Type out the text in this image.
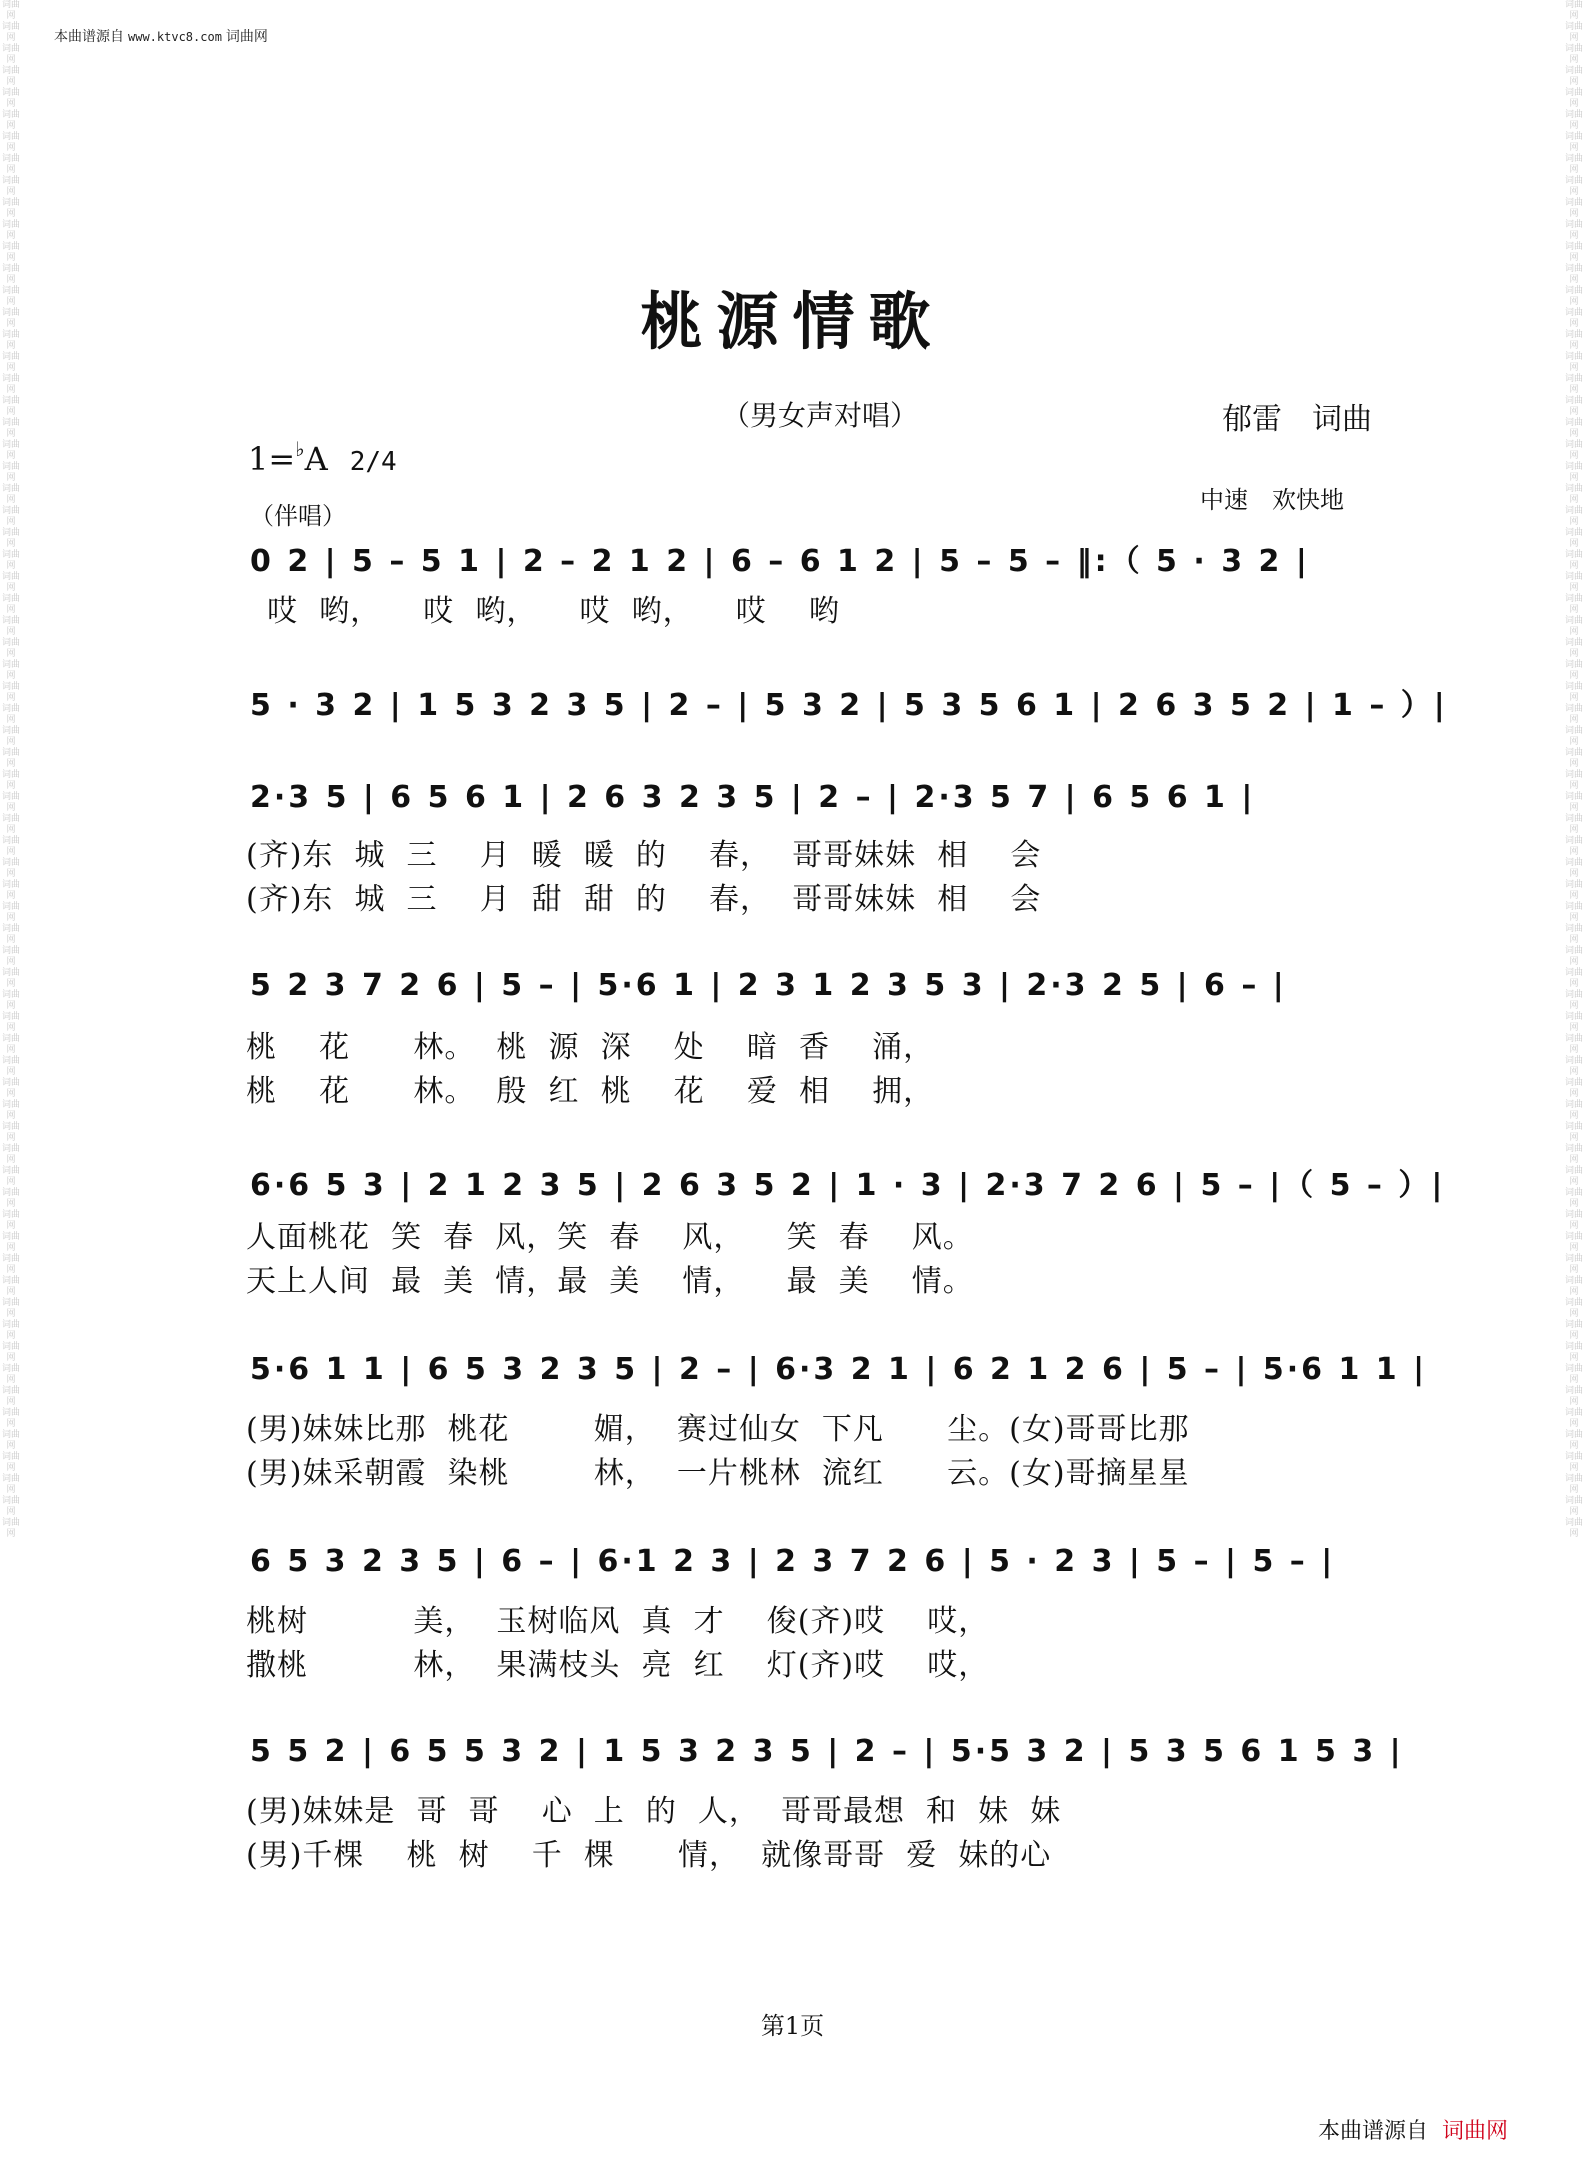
词曲网 词曲网 词曲网 词曲网 词曲网 词曲网 词曲网 词曲网 词曲网 词曲网 词曲网 词曲网 词曲网 词曲网 词曲网 词曲网 词曲网 词曲网 词曲网 词曲网 词曲网 词曲网 词曲网 词曲网 词曲网 词曲网 词曲网 词曲网 词曲网 词曲网 词曲网 词曲网 词曲网 词曲网 词曲网 词曲网 词曲网 词曲网 词曲网 词曲网 词曲网 词曲网 词曲网 词曲网 词曲网 词曲网 词曲网 词曲网 词曲网 词曲网 词曲网 词曲网 词曲网 词曲网 词曲网 词曲网 词曲网 词曲网 词曲网 词曲网 词曲网 词曲网 词曲网 词曲网 词曲网 词曲网 词曲网 词曲网 词曲网 词曲网
词曲网 词曲网 词曲网 词曲网 词曲网 词曲网 词曲网 词曲网 词曲网 词曲网 词曲网 词曲网 词曲网 词曲网 词曲网 词曲网 词曲网 词曲网 词曲网 词曲网 词曲网 词曲网 词曲网 词曲网 词曲网 词曲网 词曲网 词曲网 词曲网 词曲网 词曲网 词曲网 词曲网 词曲网 词曲网 词曲网 词曲网 词曲网 词曲网 词曲网 词曲网 词曲网 词曲网 词曲网 词曲网 词曲网 词曲网 词曲网 词曲网 词曲网 词曲网 词曲网 词曲网 词曲网 词曲网 词曲网 词曲网 词曲网 词曲网 词曲网 词曲网 词曲网 词曲网 词曲网 词曲网 词曲网 词曲网 词曲网 词曲网 词曲网
本曲谱源自 www.ktvc8.com 词曲网
桃源情歌
（男女声对唱）	郁雷　词曲
1=♭A 2/4
中速　欢快地
（伴唱）
0 2 | 5 – 5 1 | 2 – 2 1 2 | 6 – 6 1 2 | 5 – 5 – ‖:（ 5 · 3 2 |
哎  哟，    哎  哟，    哎  哟，    哎    哟
5 · 3 2 | 1 5 3 2 3 5 | 2 – | 5 3 2 | 5 3 5 6 1 | 2 6 3 5 2 | 1 – ）|
2·3 5 | 6 5 6 1 | 2 6 3 2 3 5 | 2 – | 2·3 5 7 | 6 5 6 1 |
(齐)东  城  三    月  暖  暖  的    春，  哥哥妹妹  相    会
(齐)东  城  三    月  甜  甜  的    春，  哥哥妹妹  相    会
5 2 3 7 2 6 | 5 – | 5·6 1 | 2 3 1 2 3 5 3 | 2·3 2 5 | 6 – |
桃    花      林。  桃  源  深    处    暗  香    涌，
桃    花      林。  殷  红  桃    花    爱  相    拥，
6·6 5 3 | 2 1 2 3 5 | 2 6 3 5 2 | 1 · 3 | 2·3 7 2 6 | 5 – |（ 5 – ）|
人面桃花  笑  春  风，笑  春    风，    笑  春    风。
天上人间  最  美  情，最  美    情，    最  美    情。
5·6 1 1 | 6 5 3 2 3 5 | 2 – | 6·3 2 1 | 6 2 1 2 6 | 5 – | 5·6 1 1 |
(男)妹妹比那  桃花        媚，  赛过仙女  下凡      尘。(女)哥哥比那
(男)妹采朝霞  染桃        林，  一片桃林  流红      云。(女)哥摘星星
6 5 3 2 3 5 | 6 – | 6·1 2 3 | 2 3 7 2 6 | 5 · 2 3 | 5 – | 5 – |
桃树          美，  玉树临风  真  才    俊(齐)哎    哎，
撒桃          林，  果满枝头  亮  红    灯(齐)哎    哎，
5 5 2 | 6 5 5 3 2 | 1 5 3 2 3 5 | 2 – | 5·5 3 2 | 5 3 5 6 1 5 3 |
(男)妹妹是  哥  哥    心  上  的  人，  哥哥最想  和  妹  妹
(男)千棵    桃  树    千  棵      情，  就像哥哥  爱  妹的心
第1页
本曲谱源自 词曲网
